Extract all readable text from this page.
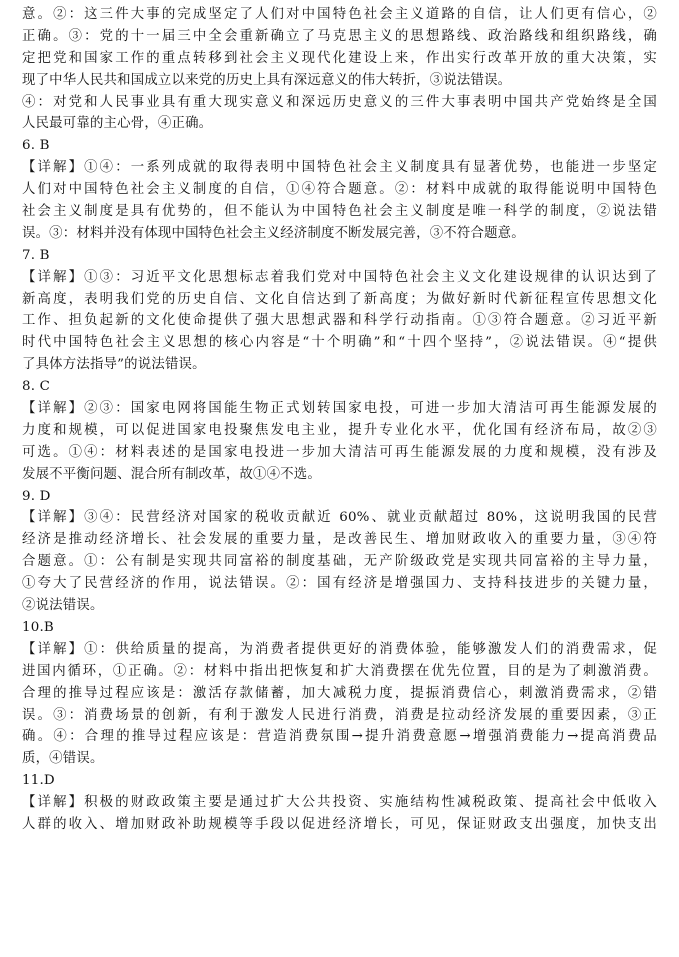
意。②：这三件大事的完成坚定了人们对中国特色社会主义道路的自信，让人们更有信心，②
正确。③：党的十一届三中全会重新确立了马克思主义的思想路线、政治路线和组织路线，确
定把党和国家工作的重点转移到社会主义现代化建设上来，作出实行改革开放的重大决策，实
现了中华人民共和国成立以来党的历史上具有深远意义的伟大转折，③说法错误。
④：对党和人民事业具有重大现实意义和深远历史意义的三件大事表明中国共产党始终是全国
人民最可靠的主心骨，④正确。
6. B
【详解】①④：一系列成就的取得表明中国特色社会主义制度具有显著优势，也能进一步坚定
人们对中国特色社会主义制度的自信，①④符合题意。②：材料中成就的取得能说明中国特色
社会主义制度是具有优势的，但不能认为中国特色社会主义制度是唯一科学的制度，②说法错
误。③：材料并没有体现中国特色社会主义经济制度不断发展完善，③不符合题意。
7. B
【详解】①③：习近平文化思想标志着我们党对中国特色社会主义文化建设规律的认识达到了
新高度，表明我们党的历史自信、文化自信达到了新高度；为做好新时代新征程宣传思想文化
工作、担负起新的文化使命提供了强大思想武器和科学行动指南。①③符合题意。②习近平新
时代中国特色社会主义思想的核心内容是“十个明确”和“十四个坚持”，②说法错误。④“提供
了具体方法指导”的说法错误。
8. C
【详解】②③：国家电网将国能生物正式划转国家电投，可进一步加大清洁可再生能源发展的
力度和规模，可以促进国家电投聚焦发电主业，提升专业化水平，优化国有经济布局，故②③
可选。①④：材料表述的是国家电投进一步加大清洁可再生能源发展的力度和规模，没有涉及
发展不平衡问题、混合所有制改革，故①④不选。
9. D
【详解】③④：民营经济对国家的税收贡献近 60%、就业贡献超过 80%，这说明我国的民营
经济是推动经济增长、社会发展的重要力量，是改善民生、增加财政收入的重要力量，③④符
合题意。①：公有制是实现共同富裕的制度基础，无产阶级政党是实现共同富裕的主导力量，
①夸大了民营经济的作用，说法错误。②：国有经济是增强国力、支持科技进步的关键力量，
②说法错误。
10.B
【详解】①：供给质量的提高，为消费者提供更好的消费体验，能够激发人们的消费需求，促
进国内循环，①正确。②：材料中指出把恢复和扩大消费摆在优先位置，目的是为了刺激消费。
合理的推导过程应该是：激活存款储蓄，加大减税力度，提振消费信心，刺激消费需求，②错
误。③：消费场景的创新，有利于激发人民进行消费，消费是拉动经济发展的重要因素，③正
确。④：合理的推导过程应该是：营造消费氛围→提升消费意愿→增强消费能力→提高消费品
质，④错误。
11.D
【详解】积极的财政政策主要是通过扩大公共投资、实施结构性减税政策、提高社会中低收入
人群的收入、增加财政补助规模等手段以促进经济增长，可见，保证财政支出强度，加快支出
